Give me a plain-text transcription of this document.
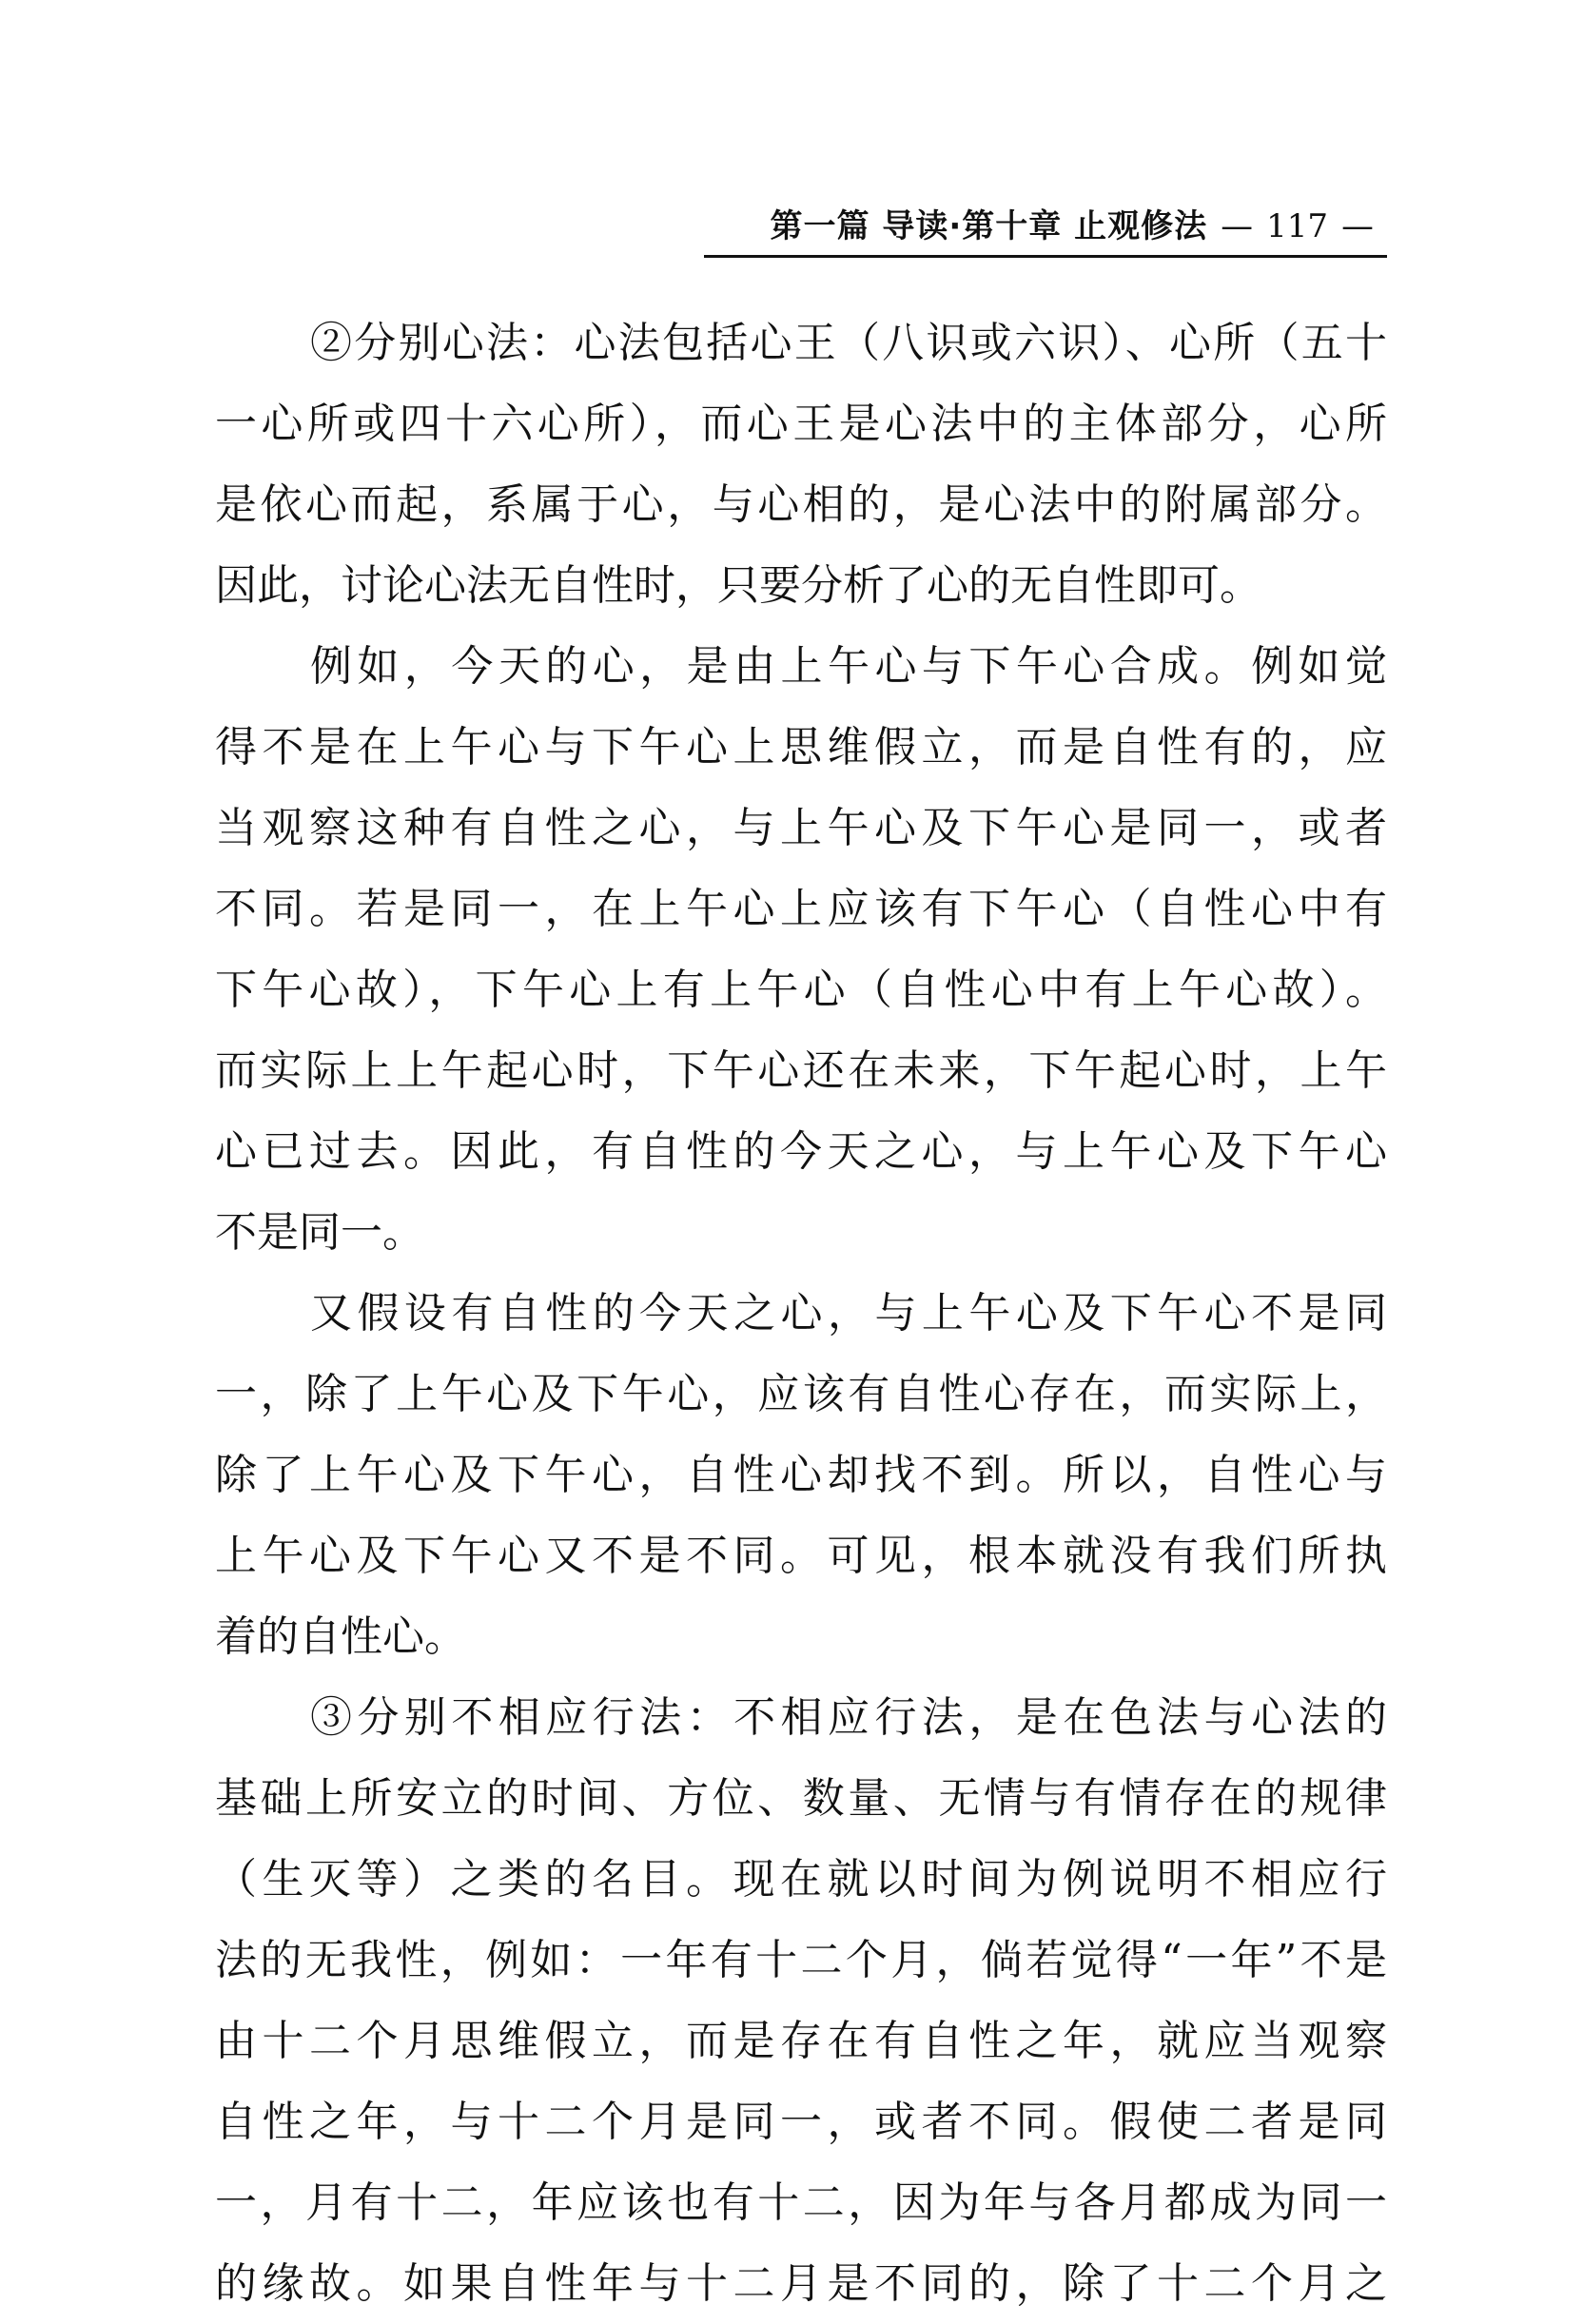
第一篇 导读·第十章 止观修法 — 117 —
②分别心法：心法包括心王（八识或六识）、心所（五十
一心所或四十六心所），而心王是心法中的主体部分，心所
是依心而起，系属于心，与心相的，是心法中的附属部分。
因此，讨论心法无自性时，只要分析了心的无自性即可。
例如，今天的心，是由上午心与下午心合成。例如觉
得不是在上午心与下午心上思维假立，而是自性有的，应
当观察这种有自性之心，与上午心及下午心是同一，或者
不同。若是同一，在上午心上应该有下午心（自性心中有
下午心故），下午心上有上午心（自性心中有上午心故）。
而实际上上午起心时，下午心还在未来，下午起心时，上午
心已过去。因此，有自性的今天之心，与上午心及下午心
不是同一。
又假设有自性的今天之心，与上午心及下午心不是同
一，除了上午心及下午心，应该有自性心存在，而实际上，
除了上午心及下午心，自性心却找不到。所以，自性心与
上午心及下午心又不是不同。可见，根本就没有我们所执
着的自性心。
③分别不相应行法：不相应行法，是在色法与心法的
基础上所安立的时间、方位、数量、无情与有情存在的规律
（生灭等）之类的名目。现在就以时间为例说明不相应行
法的无我性，例如：一年有十二个月，倘若觉得“一年”不是
由十二个月思维假立，而是存在有自性之年，就应当观察
自性之年，与十二个月是同一，或者不同。假使二者是同
一，月有十二，年应该也有十二，因为年与各月都成为同一
的缘故。如果自性年与十二月是不同的，除了十二个月之
